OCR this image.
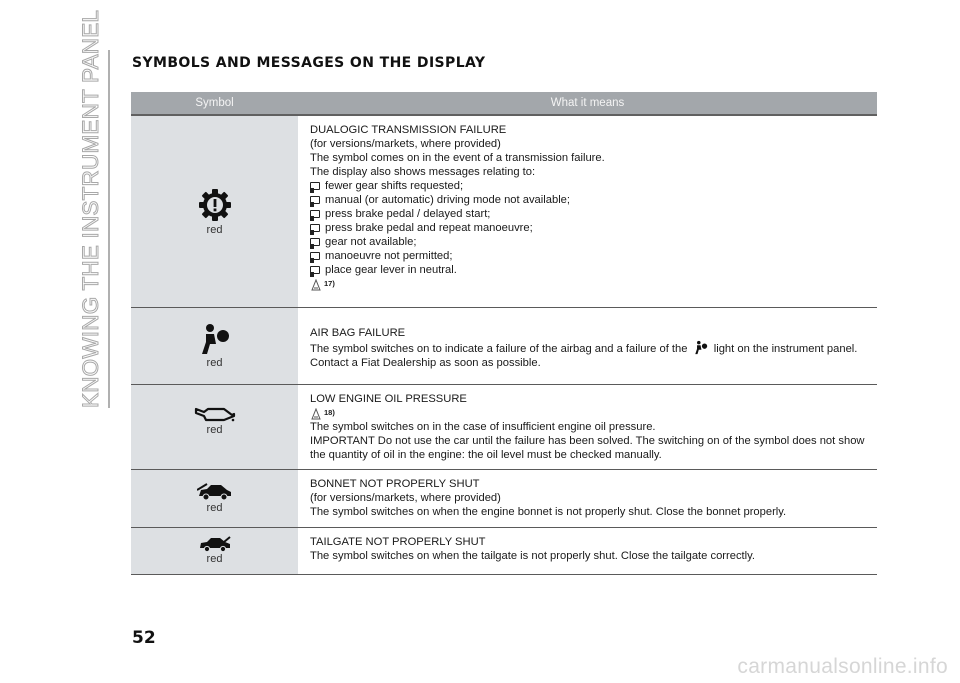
KNOWING THE INSTRUMENT PANEL SYMBOLS AND MESSAGES ON THE DISPLAY
Symbol	What it means
red
DUALOGIC TRANSMISSION FAILURE
(for versions/markets, where provided)
The symbol comes on in the event of a transmission failure.
The display also shows messages relating to:
fewer gear shifts requested;
manual (or automatic) driving mode not available;
press brake pedal / delayed start;
press brake pedal and repeat manoeuvre;
gear not available;
manoeuvre not permitted;
place gear lever in neutral.
17)
red
AIR BAG FAILURE
The symbol switches on to indicate a failure of the airbag and a failure of the light on the instrument panel. Contact a Fiat Dealership as soon as possible.
red
LOW ENGINE OIL PRESSURE
18)
The symbol switches on in the case of insufficient engine oil pressure.
IMPORTANT Do not use the car until the failure has been solved. The switching on of the symbol does not show the quantity of oil in the engine: the oil level must be checked manually.
red
BONNET NOT PROPERLY SHUT
(for versions/markets, where provided)
The symbol switches on when the engine bonnet is not properly shut. Close the bonnet properly.
red
TAILGATE NOT PROPERLY SHUT
The symbol switches on when the tailgate is not properly shut. Close the tailgate correctly.
52
carmanualsonline.info
